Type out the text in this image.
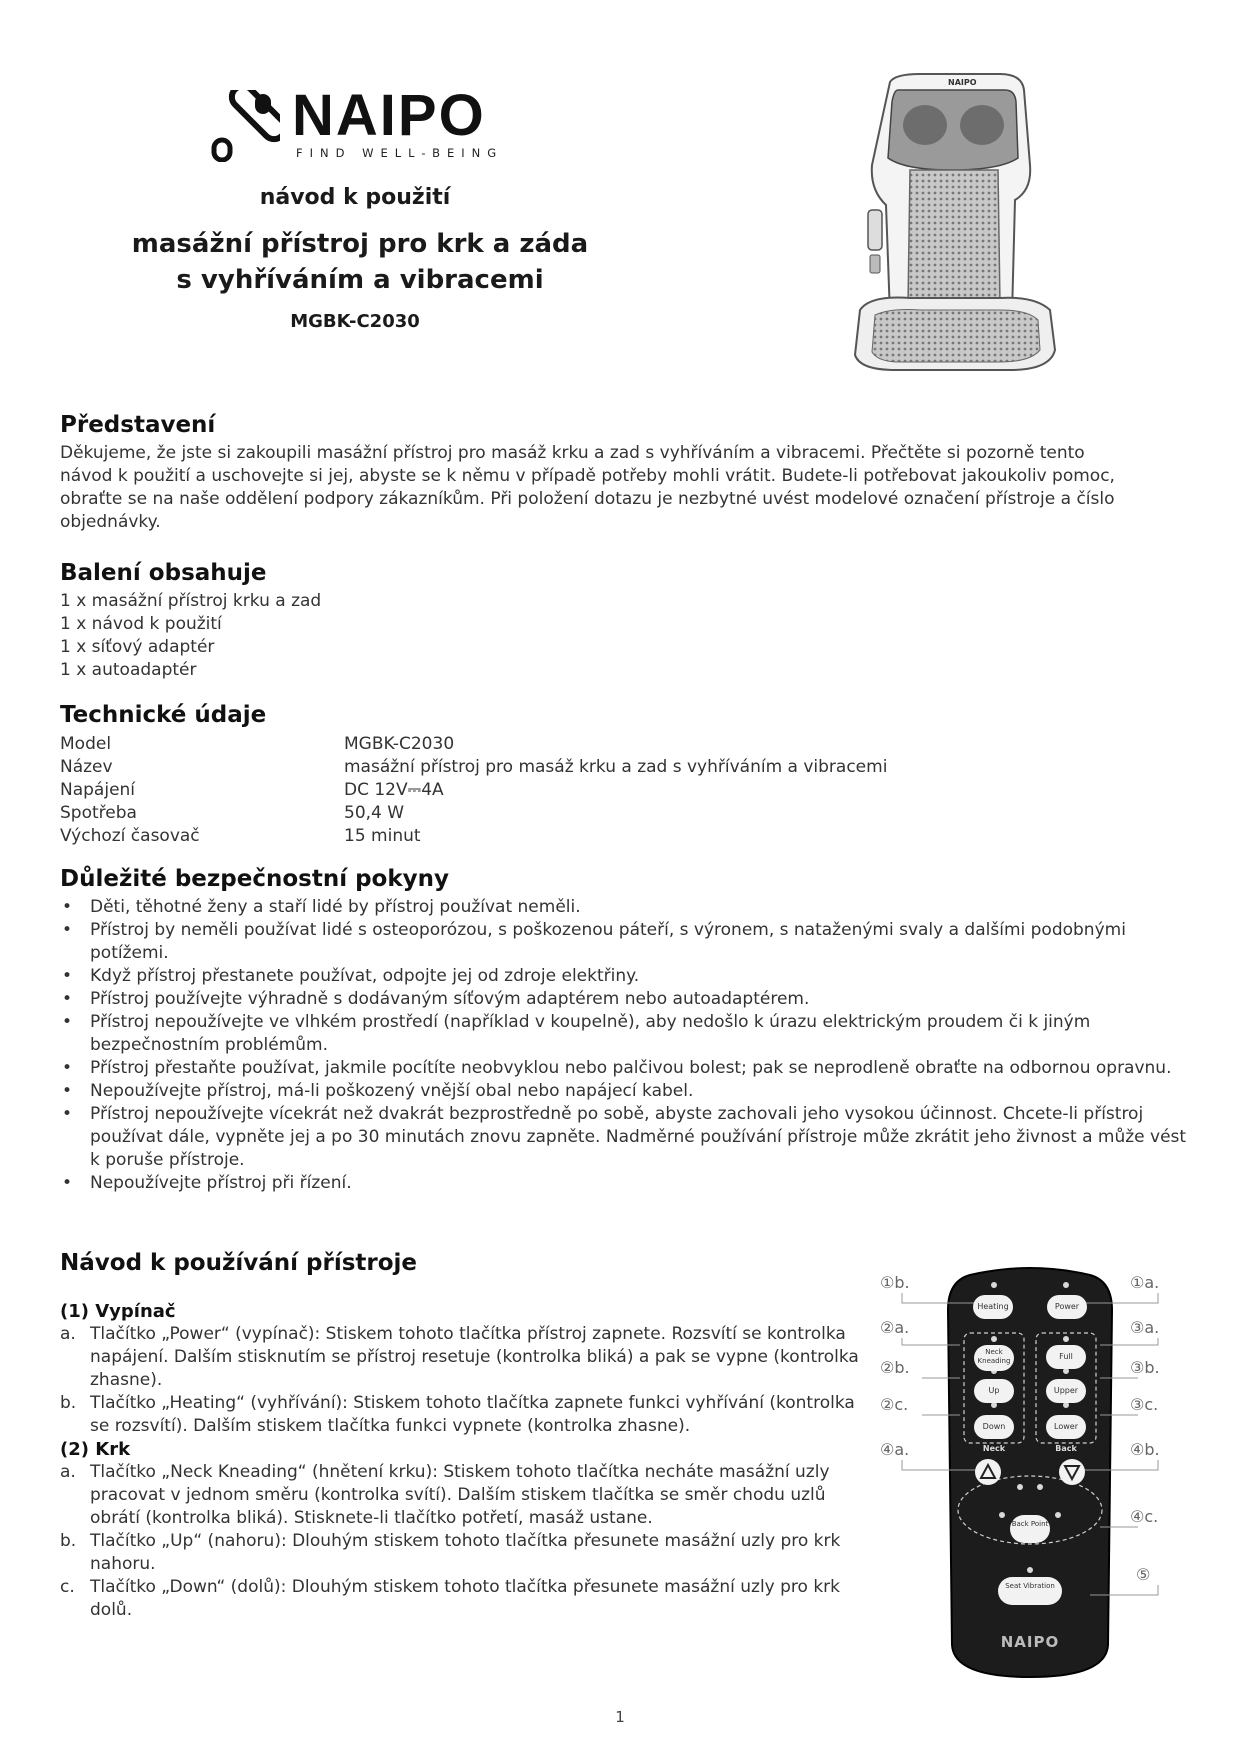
NAIPO
FIND WELL-BEING
návod k použití
masážní přístroj pro krk a záda
s vyhříváním a vibracemi
MGBK-C2030
NAIPO
Představení
Děkujeme, že jste si zakoupili masážní přístroj pro masáž krku a zad s vyhříváním a vibracemi. Přečtěte si pozorně tento
návod k použití a uschovejte si jej, abyste se k němu v případě potřeby mohli vrátit. Budete-li potřebovat jakoukoliv pomoc,
obraťte se na naše oddělení podpory zákazníkům. Při položení dotazu je nezbytné uvést modelové označení přístroje a číslo
objednávky.
Balení obsahuje
1 x masážní přístroj krku a zad
1 x návod k použití
1 x síťový adaptér
1 x autoadaptér
Technické údaje
Model	MGBK-C2030
Název	masážní přístroj pro masáž krku a zad s vyhříváním a vibracemi
Napájení	DC 12V⎓4A
Spotřeba	50,4 W
Výchozí časovač	15 minut
Důležité bezpečnostní pokyny
• Děti, těhotné ženy a staří lidé by přístroj používat neměli.
• Přístroj by neměli používat lidé s osteoporózou, s poškozenou páteří, s výronem, s nataženými svaly a dalšími podobnými potížemi.
• Když přístroj přestanete používat, odpojte jej od zdroje elektřiny.
• Přístroj používejte výhradně s dodávaným síťovým adaptérem nebo autoadaptérem.
• Přístroj nepoužívejte ve vlhkém prostředí (například v koupelně), aby nedošlo k úrazu elektrickým proudem či k jiným bezpečnostním problémům.
• Přístroj přestaňte používat, jakmile pocítíte neobvyklou nebo palčivou bolest; pak se neprodleně obraťte na odbornou opravnu.
• Nepoužívejte přístroj, má-li poškozený vnější obal nebo napájecí kabel.
• Přístroj nepoužívejte vícekrát než dvakrát bezprostředně po sobě, abyste zachovali jeho vysokou účinnost. Chcete-li přístroj používat dále, vypněte jej a po 30 minutách znovu zapněte. Nadměrné používání přístroje může zkrátit jeho živnost a může vést k poruše přístroje.
• Nepoužívejte přístroj při řízení.
Návod k používání přístroje
(1) Vypínač
a. Tlačítko „Power“ (vypínač): Stiskem tohoto tlačítka přístroj zapnete. Rozsvítí se kontrolka napájení. Dalším stisknutím se přístroj resetuje (kontrolka bliká) a pak se vypne (kontrolka zhasne).
b. Tlačítko „Heating“ (vyhřívání): Stiskem tohoto tlačítka zapnete funkci vyhřívání (kontrolka se rozsvítí). Dalším stiskem tlačítka funkci vypnete (kontrolka zhasne).
(2) Krk
a. Tlačítko „Neck Kneading“ (hnětení krku): Stiskem tohoto tlačítka necháte masážní uzly pracovat v jednom směru (kontrolka svítí). Dalším stiskem tlačítka se směr chodu uzlů obrátí (kontrolka bliká). Stisknete-li tlačítko potřetí, masáž ustane.
b. Tlačítko „Up“ (nahoru): Dlouhým stiskem tohoto tlačítka přesunete masážní uzly pro krk nahoru.
c. Tlačítko „Down“ (dolů): Dlouhým stiskem tohoto tlačítka přesunete masážní uzly pro krk dolů.
Heating	Power
Neck Kneading	Full
Up	Upper
Down	Lower
Neck	Back
Back Point
Seat Vibration
NAIPO
①b.	①a.
②a.	③a.
②b.	③b.
②c.	③c.
④a.	④b.
④c.
⑤
1
